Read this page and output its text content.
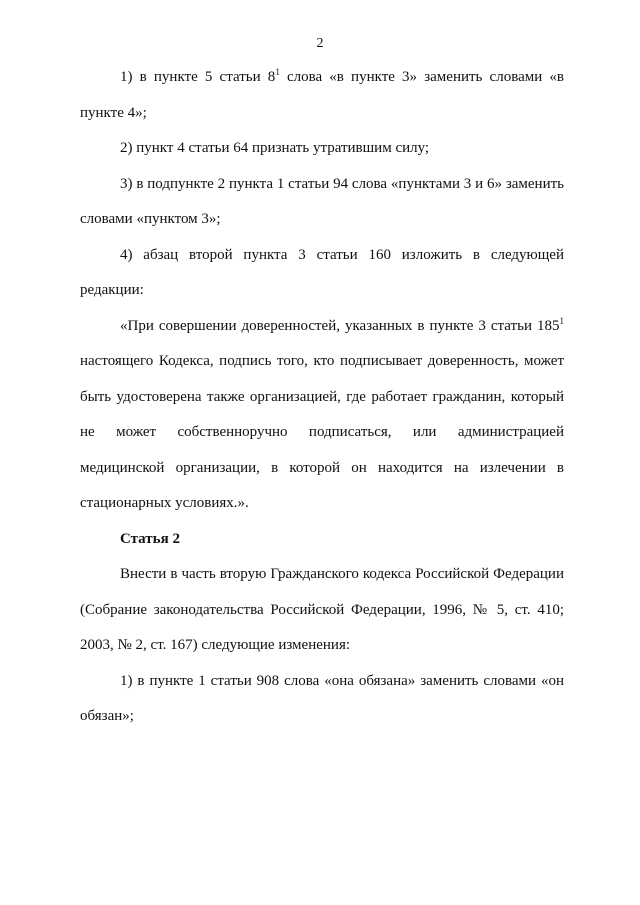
2

1) в пункте 5 статьи $8^1$ слова «в пункте 3» заменить словами «в
пункте 4»;

2) пункт 4 статьи 64 признать утратившим силу;

3) в подпункте 2 пункта 1 статьи 94 слова «пунктами 3 и 6» заменить
словами «пунктом 3»;

4) абзац второй пункта 3 статьи 160 изложить в следующей
редакции:

«При совершении доверенностей, указанных в пункте 3 статьи $185^1$
настоящего Кодекса, подпись того, кто подписывает доверенность, может
быть удостоверена также организацией, где работает гражданин, который
не может собственноручно подписаться, или администрацией
медицинской организации, в которой он находится на излечении в
стационарных условиях.».

Статья 2

Внести в часть вторую Гражданского кодекса Российской Федерации
(Собрание законодательства Российской Федерации, 1996, № 5, ст. 410;
2003, № 2, ст. 167) следующие изменения:

1) в пункте 1 статьи 908 слова «она обязана» заменить словами «он
обязан»;
